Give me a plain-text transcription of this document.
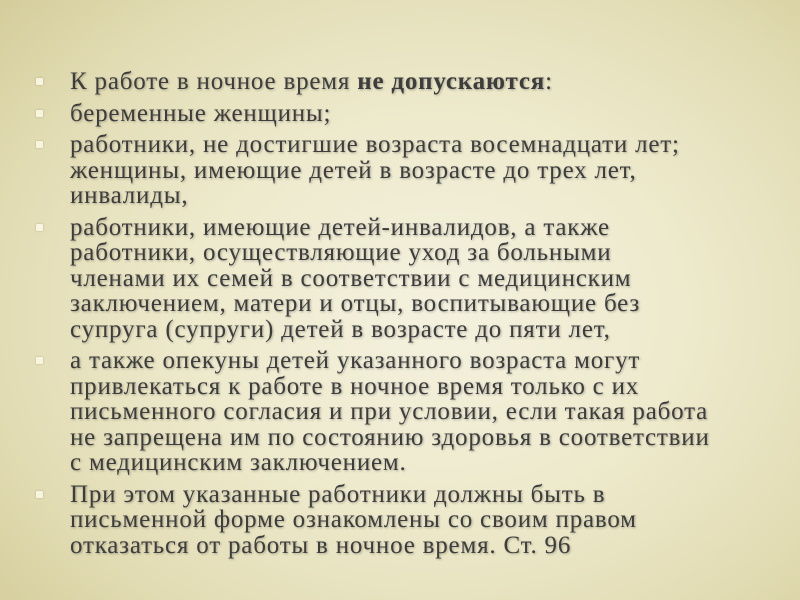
К работе в ночное время не допускаются:
беременные женщины;
работники, не достигшие возраста восемнадцати лет;
женщины, имеющие детей в возрасте до трех лет,
инвалиды,
работники, имеющие детей-инвалидов, а также
работники, осуществляющие уход за больными
членами их семей в соответствии с медицинским
заключением, матери и отцы, воспитывающие без
супруга (супруги) детей в возрасте до пяти лет,
а также опекуны детей указанного возраста могут
привлекаться к работе в ночное время только с их
письменного согласия и при условии, если такая работа
не запрещена им по состоянию здоровья в соответствии
с медицинским заключением.
При этом указанные работники должны быть в
письменной форме ознакомлены со своим правом
отказаться от работы в ночное время. Ст. 96
